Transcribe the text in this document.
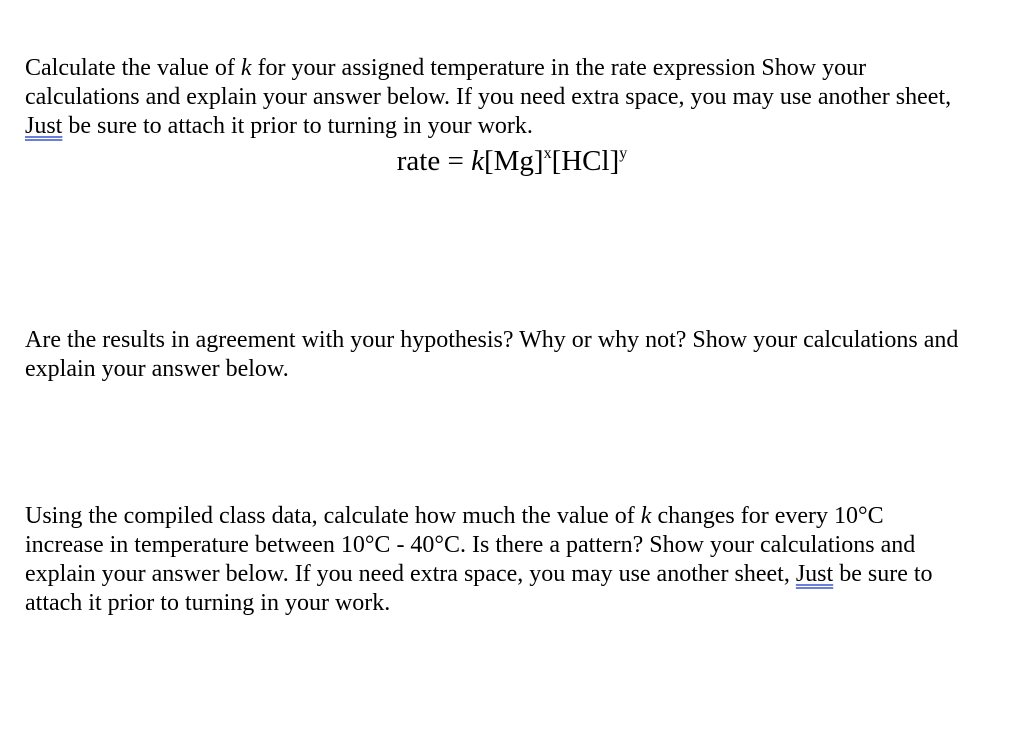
Calculate the value of k for your assigned temperature in the rate expression Show your
calculations and explain your answer below. If you need extra space, you may use another sheet,
Just be sure to attach it prior to turning in your work.
rate = $k[Mg]^x[HCl]^y$
Are the results in agreement with your hypothesis? Why or why not? Show your calculations and
explain your answer below.
Using the compiled class data, calculate how much the value of k changes for every 10°C
increase in temperature between 10°C - 40°C. Is there a pattern? Show your calculations and
explain your answer below. If you need extra space, you may use another sheet, Just be sure to
attach it prior to turning in your work.
